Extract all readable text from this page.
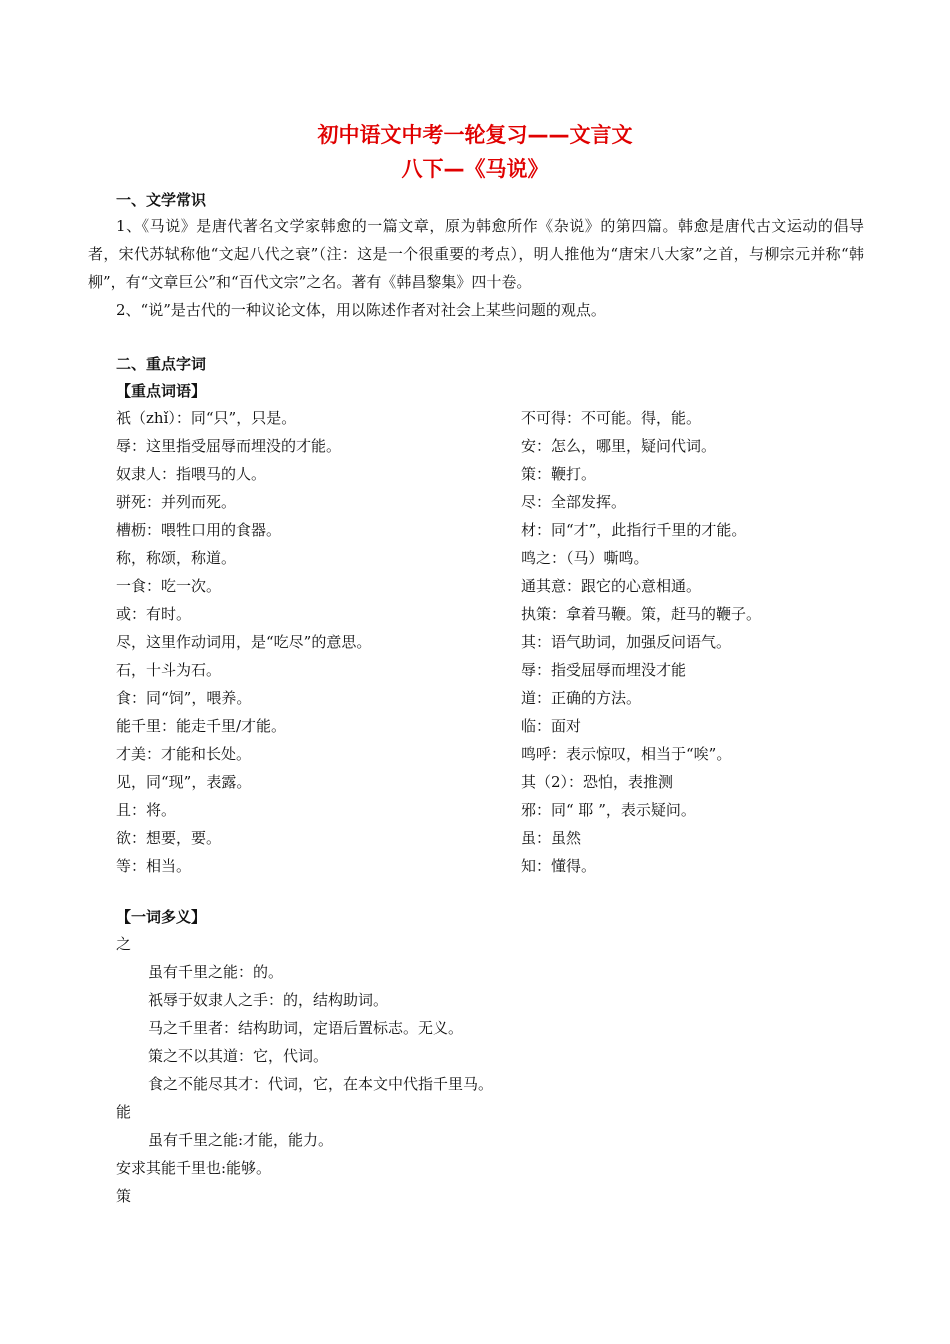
初中语文中考一轮复习——文言文
八下—《马说》
一、文学常识
1、《马说》是唐代著名文学家韩愈的一篇文章，原为韩愈所作《杂说》的第四篇。韩愈是唐代古文运动的倡导者，宋代苏轼称他“文起八代之衰”（注：这是一个很重要的考点），明人推他为“唐宋八大家”之首，与柳宗元并称“韩柳”，有“文章巨公”和“百代文宗”之名。著有《韩昌黎集》四十卷。
2、“说”是古代的一种议论文体，用以陈述作者对社会上某些问题的观点。
二、重点字词
【重点词语】
祇（zhǐ）：同“只”，只是。
辱：这里指受屈辱而埋没的才能。
奴隶人：指喂马的人。
骈死：并列而死。
槽枥：喂牲口用的食器。
称，称颂，称道。
一食：吃一次。
或：有时。
尽，这里作动词用，是“吃尽”的意思。
石，十斗为石。
食：同“饲”，喂养。
能千里：能走千里/才能。
才美：才能和长处。
见，同“现”，表露。
且：将。
欲：想要，要。
等：相当。
不可得：不可能。得，能。
安：怎么，哪里，疑问代词。
策：鞭打。
尽：全部发挥。
材：同“才”，此指行千里的才能。
鸣之：（马）嘶鸣。
通其意：跟它的心意相通。
执策：拿着马鞭。策，赶马的鞭子。
其：语气助词，加强反问语气。
辱：指受屈辱而埋没才能
道：正确的方法。
临：面对
鸣呼：表示惊叹，相当于“唉”。
其（2）：恐怕，表推测
邪：同“ 耶 ”，表示疑问。
虽：虽然
知：懂得。
【一词多义】
之
虽有千里之能：的。
祇辱于奴隶人之手：的，结构助词。
马之千里者：结构助词，定语后置标志。无义。
策之不以其道：它，代词。
食之不能尽其才：代词，它，在本文中代指千里马。
能
虽有千里之能:才能，能力。
安求其能千里也:能够。
策
